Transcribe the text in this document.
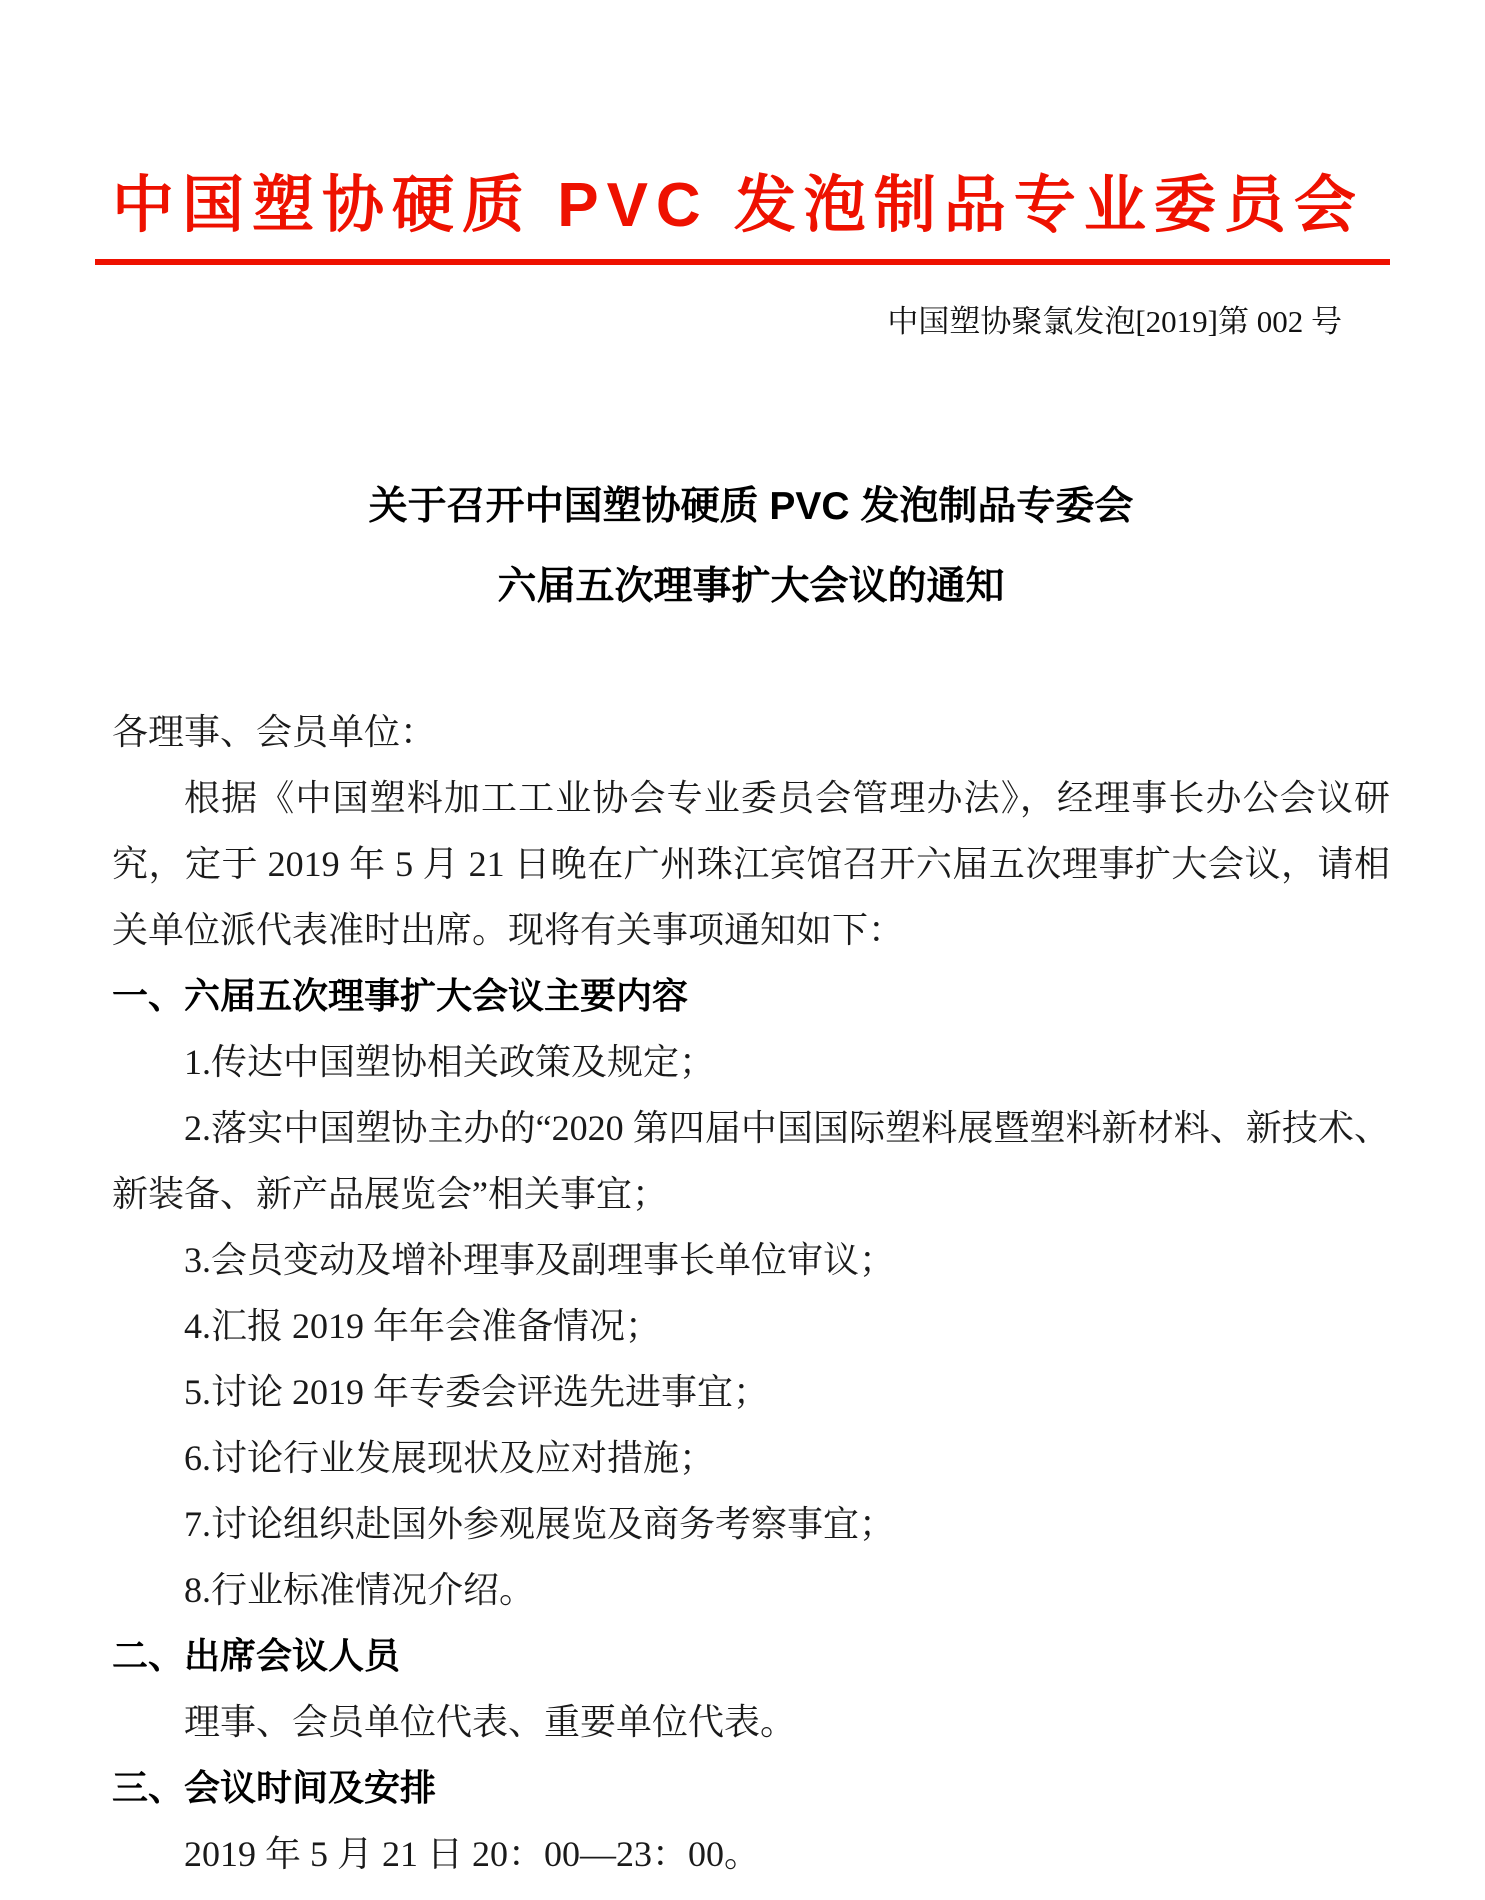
中国塑协硬质 PVC 发泡制品专业委员会
中国塑协聚氯发泡[2019]第 002 号
关于召开中国塑协硬质 PVC 发泡制品专委会
六届五次理事扩大会议的通知

各理事、会员单位：

根据《中国塑料加工工业协会专业委员会管理办法》，经理事长办公会议研究，定于 2019 年 5 月 21 日晚在广州珠江宾馆召开六届五次理事扩大会议，请相关单位派代表准时出席。现将有关事项通知如下：

一、六届五次理事扩大会议主要内容

1.传达中国塑协相关政策及规定；

2.落实中国塑协主办的“2020 第四届中国国际塑料展暨塑料新材料、新技术、新装备、新产品展览会”相关事宜；

3.会员变动及增补理事及副理事长单位审议；

4.汇报 2019 年年会准备情况；

5.讨论 2019 年专委会评选先进事宜；

6.讨论行业发展现状及应对措施；

7.讨论组织赴国外参观展览及商务考察事宜；

8.行业标准情况介绍。

二、出席会议人员

理事、会员单位代表、重要单位代表。

三、会议时间及安排

2019 年 5 月 21 日 20：00—23：00。
